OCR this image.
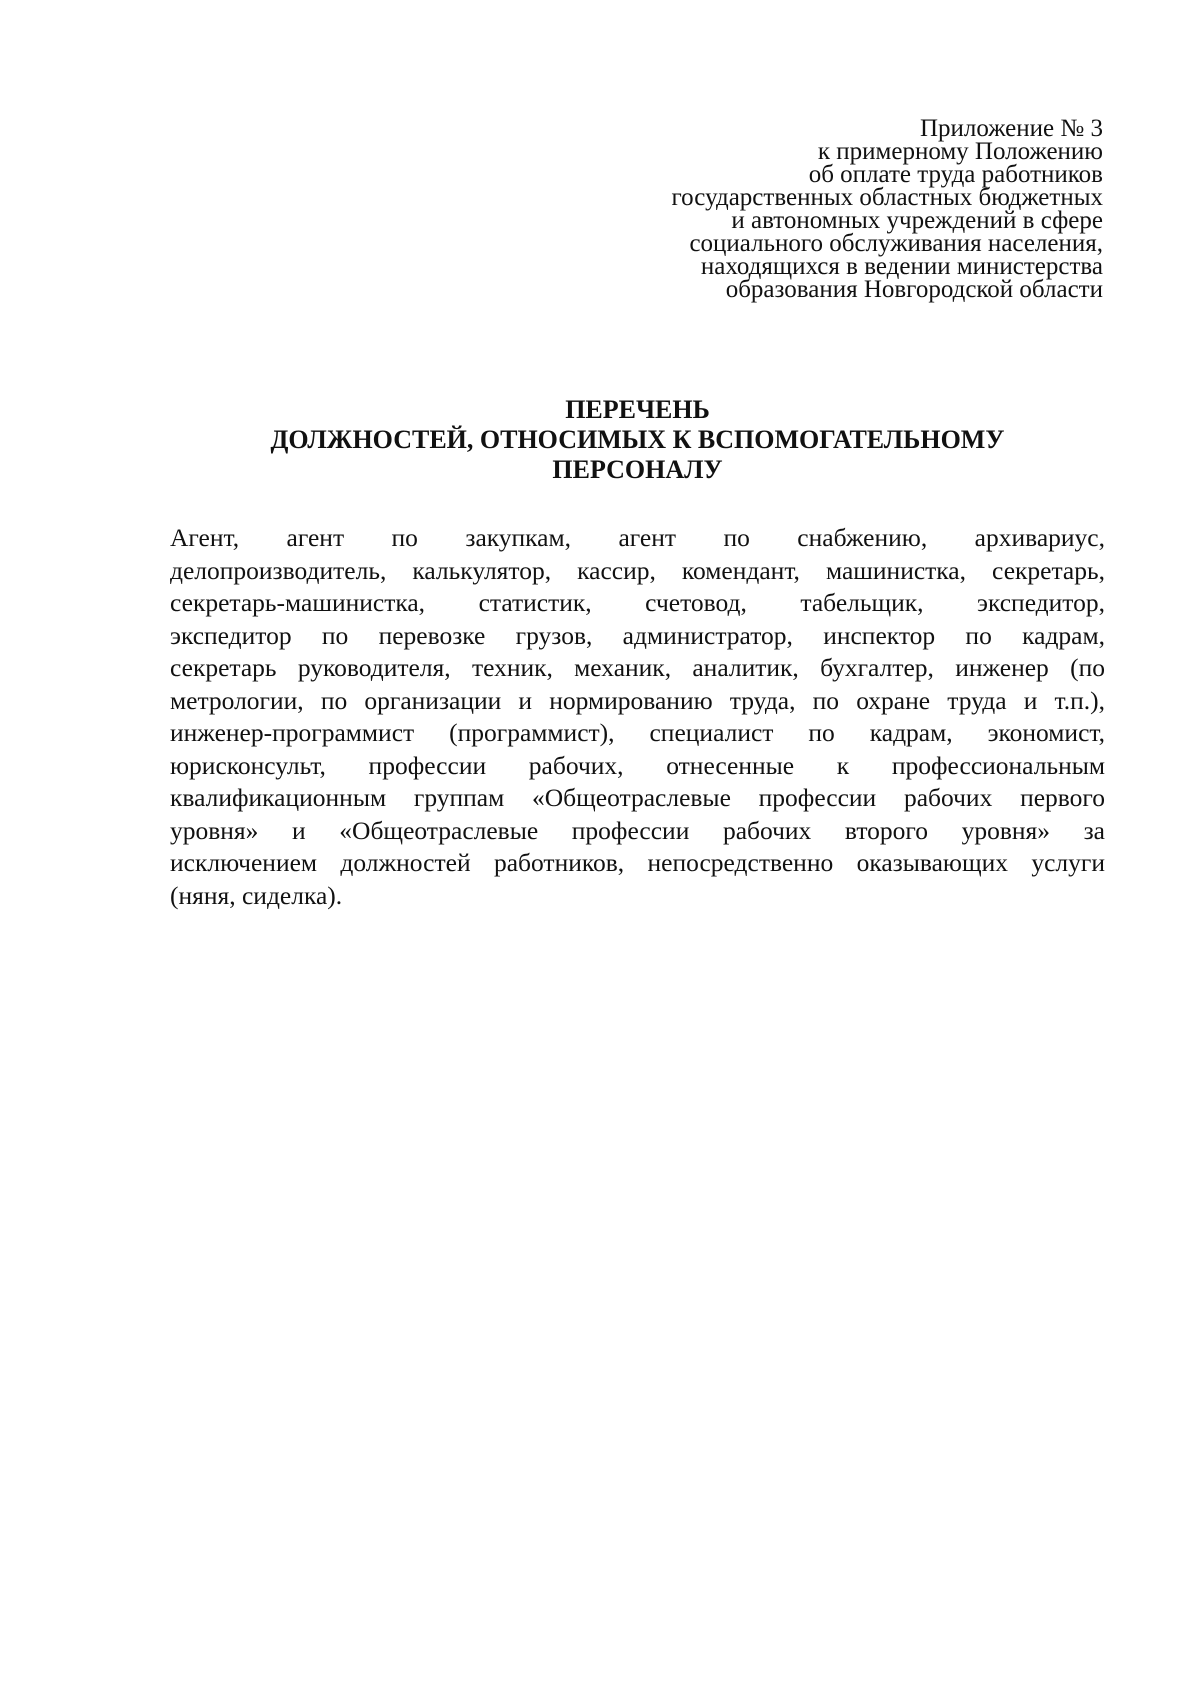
Приложение № 3
к примерному Положению
об оплате труда работников
государственных областных бюджетных
и автономных учреждений в сфере
социального обслуживания населения,
находящихся в ведении министерства
образования Новгородской области
ПЕРЕЧЕНЬ
ДОЛЖНОСТЕЙ, ОТНОСИМЫХ К ВСПОМОГАТЕЛЬНОМУ
ПЕРСОНАЛУ
Агент, агент по закупкам, агент по снабжению, архивариус,
делопроизводитель, калькулятор, кассир, комендант, машинистка, секретарь,
секретарь-машинистка, статистик, счетовод, табельщик, экспедитор,
экспедитор по перевозке грузов, администратор, инспектор по кадрам,
секретарь руководителя, техник, механик, аналитик, бухгалтер, инженер (по
метрологии, по организации и нормированию труда, по охране труда и т.п.),
инженер-программист (программист), специалист по кадрам, экономист,
юрисконсульт, профессии рабочих, отнесенные к профессиональным
квалификационным группам «Общеотраслевые профессии рабочих первого
уровня» и «Общеотраслевые профессии рабочих второго уровня» за
исключением должностей работников, непосредственно оказывающих услуги
(няня, сиделка).
